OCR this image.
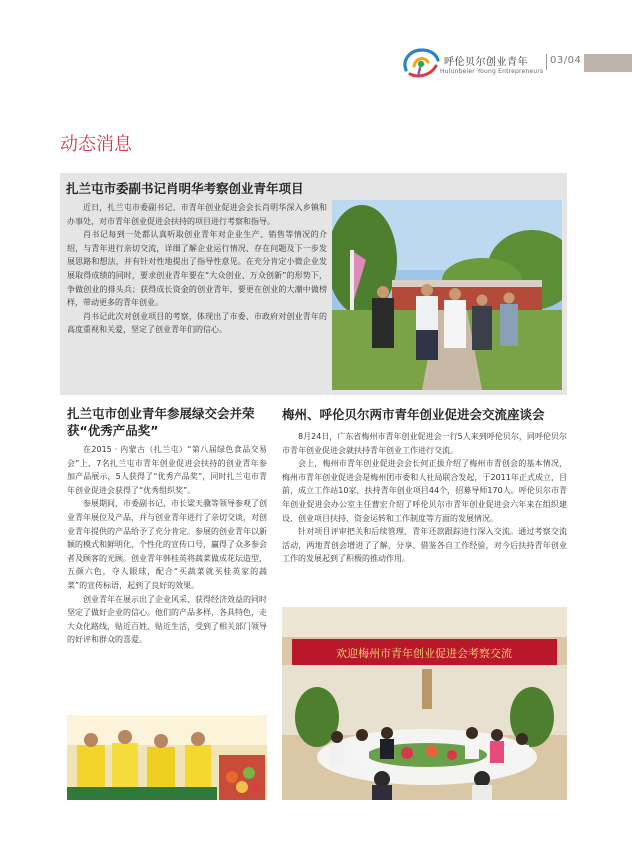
呼伦贝尔创业青年
Hulunbeier Young Entrepreneurs
03/04
动态消息
扎兰屯市委副书记肖明华考察创业青年项目

近日，扎兰屯市委副书记、市青年创业促进会会长肖明华深入乡镇和办事处，对市青年创业促进会扶持的项目进行考察和指导。

肖书记每到一处都认真听取创业青年对企业生产、销售等情况的介绍，与青年进行亲切交流，详细了解企业运行情况、存在问题及下一步发展思路和想法，并有针对性地提出了指导性意见。在充分肯定小微企业发展取得成绩的同时，要求创业青年要在“大众创业、万众创新”的形势下，争做创业的排头兵；获得成长资金的创业青年，要更在创业的大潮中做榜样，带动更多的青年创业。

肖书记此次对创业项目的考察，体现出了市委、市政府对创业青年的高度重视和关爱，坚定了创业青年们的信心。

扎兰屯市创业青年参展绿交会并荣获“优秀产品奖”

在2015 · 内蒙古（扎兰屯）“第八届绿色食品交易会”上，7名扎兰屯市青年创业促进会扶持的创业青年参加产品展示，5人获得了“优秀产品奖”，同时扎兰屯市青年创业促进会获得了“优秀组织奖”。

参展期间，市委副书记、市长梁天骥等领导参观了创业青年展位及产品，并与创业青年进行了亲切交谈，对创业青年提供的产品给予了充分肯定。参展的创业青年以新颖的模式和鲜明化、个性化的宣传口号，赢得了众多参会者及顾客的光顾。创业青年韩桂英将蔬菜做成花坛造型，五颜六色，夺人眼球，配合“买蔬菜就买桂英家的蔬菜”的宣传标语，起到了良好的效果。

创业青年在展示出了企业风采、获得经济效益的同时坚定了做好企业的信心。他们的产品多样，各具特色，走大众化路线，贴近百姓、贴近生活，受到了相关部门领导的好评和群众的喜爱。

梅州、呼伦贝尔两市青年创业促进会交流座谈会

8月24日，广东省梅州市青年创业促进会一行5人来到呼伦贝尔，同呼伦贝尔市青年创业促进会就扶持青年创业工作进行交流。

会上，梅州市青年创业促进会会长何正拔介绍了梅州市青创会的基本情况，梅州市青年创业促进会是梅州团市委和人社局联合发起，于2011年正式成立，目前，成立工作站10家，扶持青年创业项目44个，招募导师170人。呼伦贝尔市青年创业促进会办公室主任曹宏介绍了呼伦贝尔市青年创业促进会六年来在组织建设、创业项目扶持、资金运转和工作制度等方面的发展情况。

针对项目评审把关和后续管理、青年还款跟踪进行深入交流。通过考察交流活动，两地青创会增进了了解，分享、借鉴各自工作经验，对今后扶持青年创业工作的发展起到了积极的推动作用。

欢迎梅州市青年创业促进会考察交流
